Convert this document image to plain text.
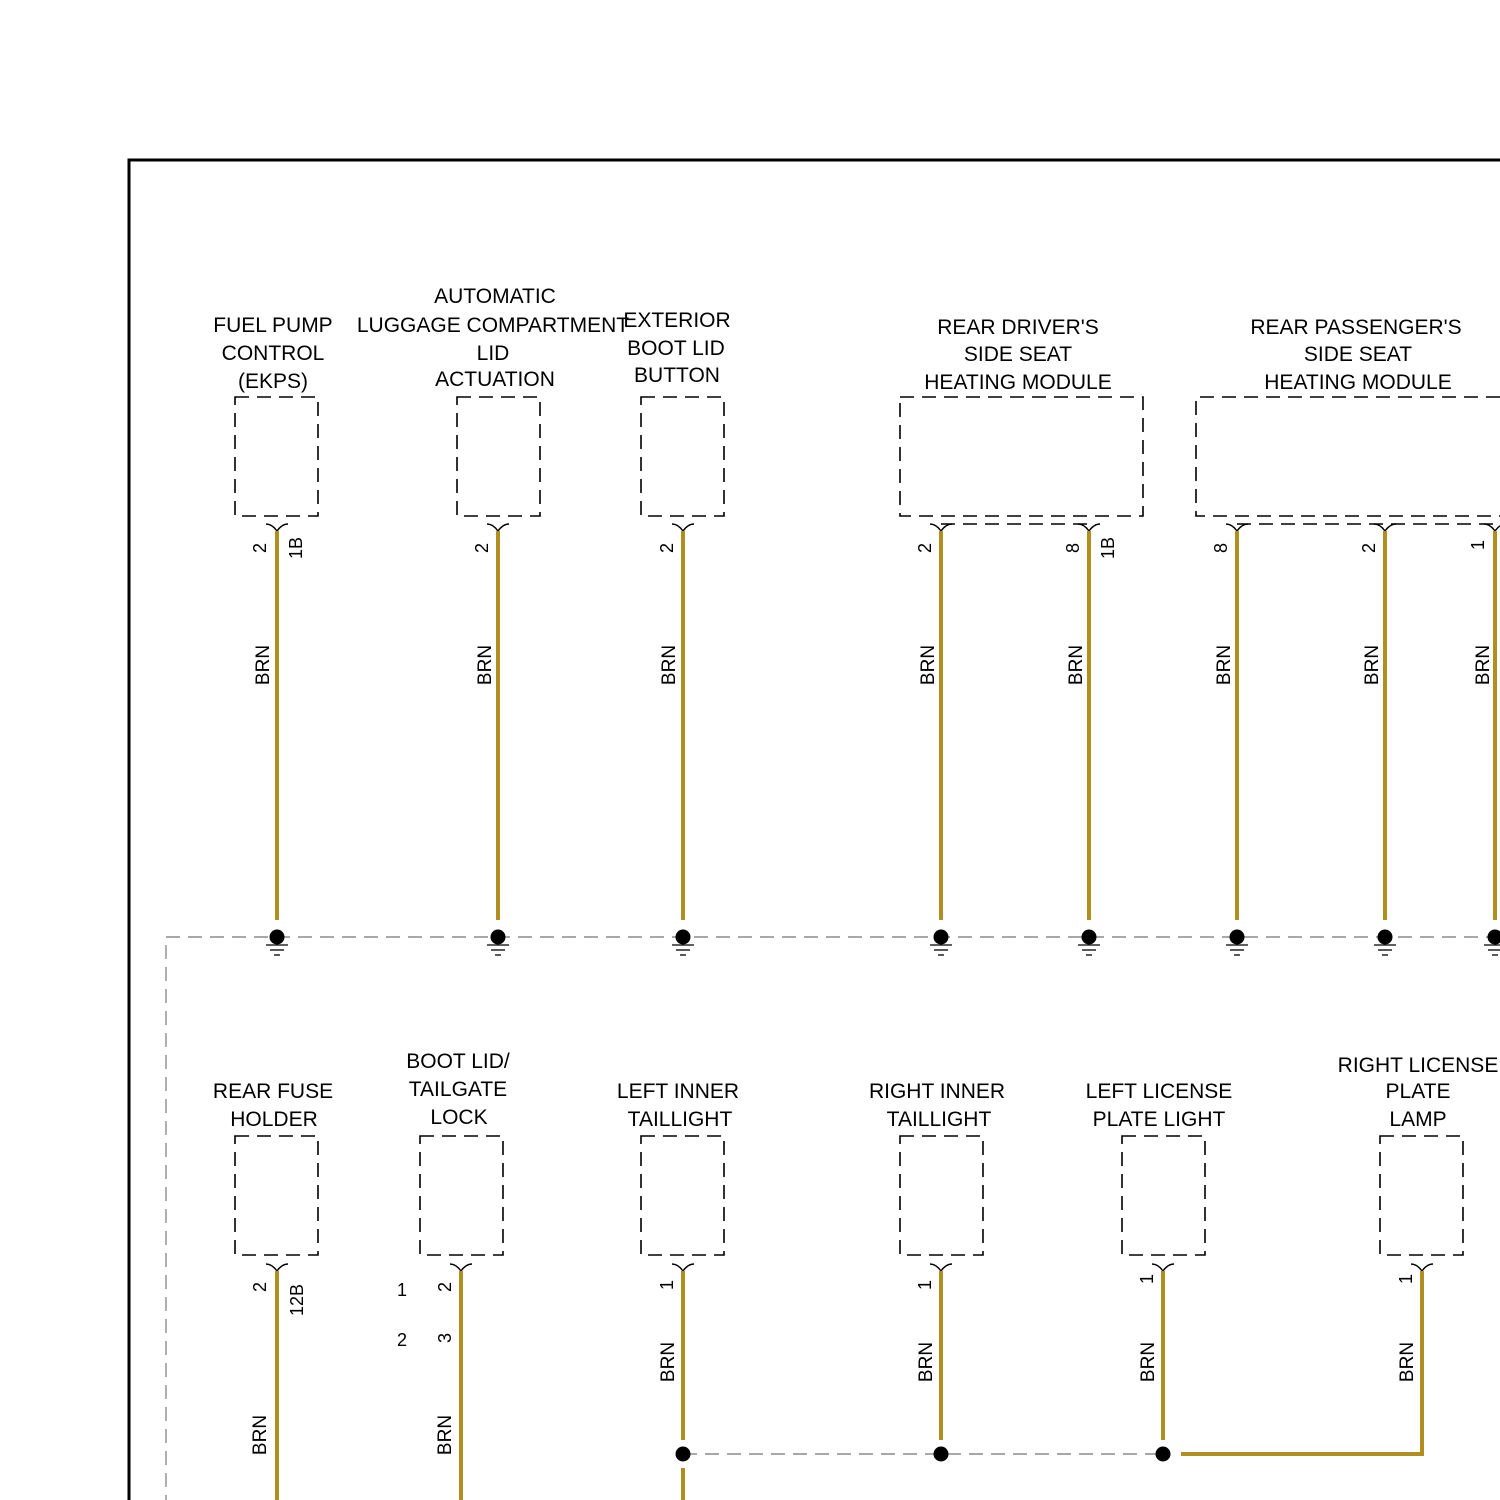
FUEL PUMP
CONTROL
(EKPS)
2 1B
BRN
AUTOMATIC
LUGGAGE COMPARTMENT
LID
ACTUATION
2
BRN
EXTERIOR
BOOT LID
BUTTON
2
BRN
REAR DRIVER'S
SIDE SEAT
HEATING MODULE
2	8 1B
BRN	BRN
REAR PASSENGER'S
SIDE SEAT
HEATING MODULE
8	2	1
BRN	BRN	BRN
REAR FUSE
HOLDER
2 12B
BRN
BOOT LID/
TAILGATE
LOCK
1
2
2
3
BRN
LEFT INNER
TAILLIGHT
1
BRN
RIGHT INNER
TAILLIGHT
1
BRN
LEFT LICENSE
PLATE LIGHT
1
BRN
RIGHT LICENSE
PLATE
LAMP
1
BRN
